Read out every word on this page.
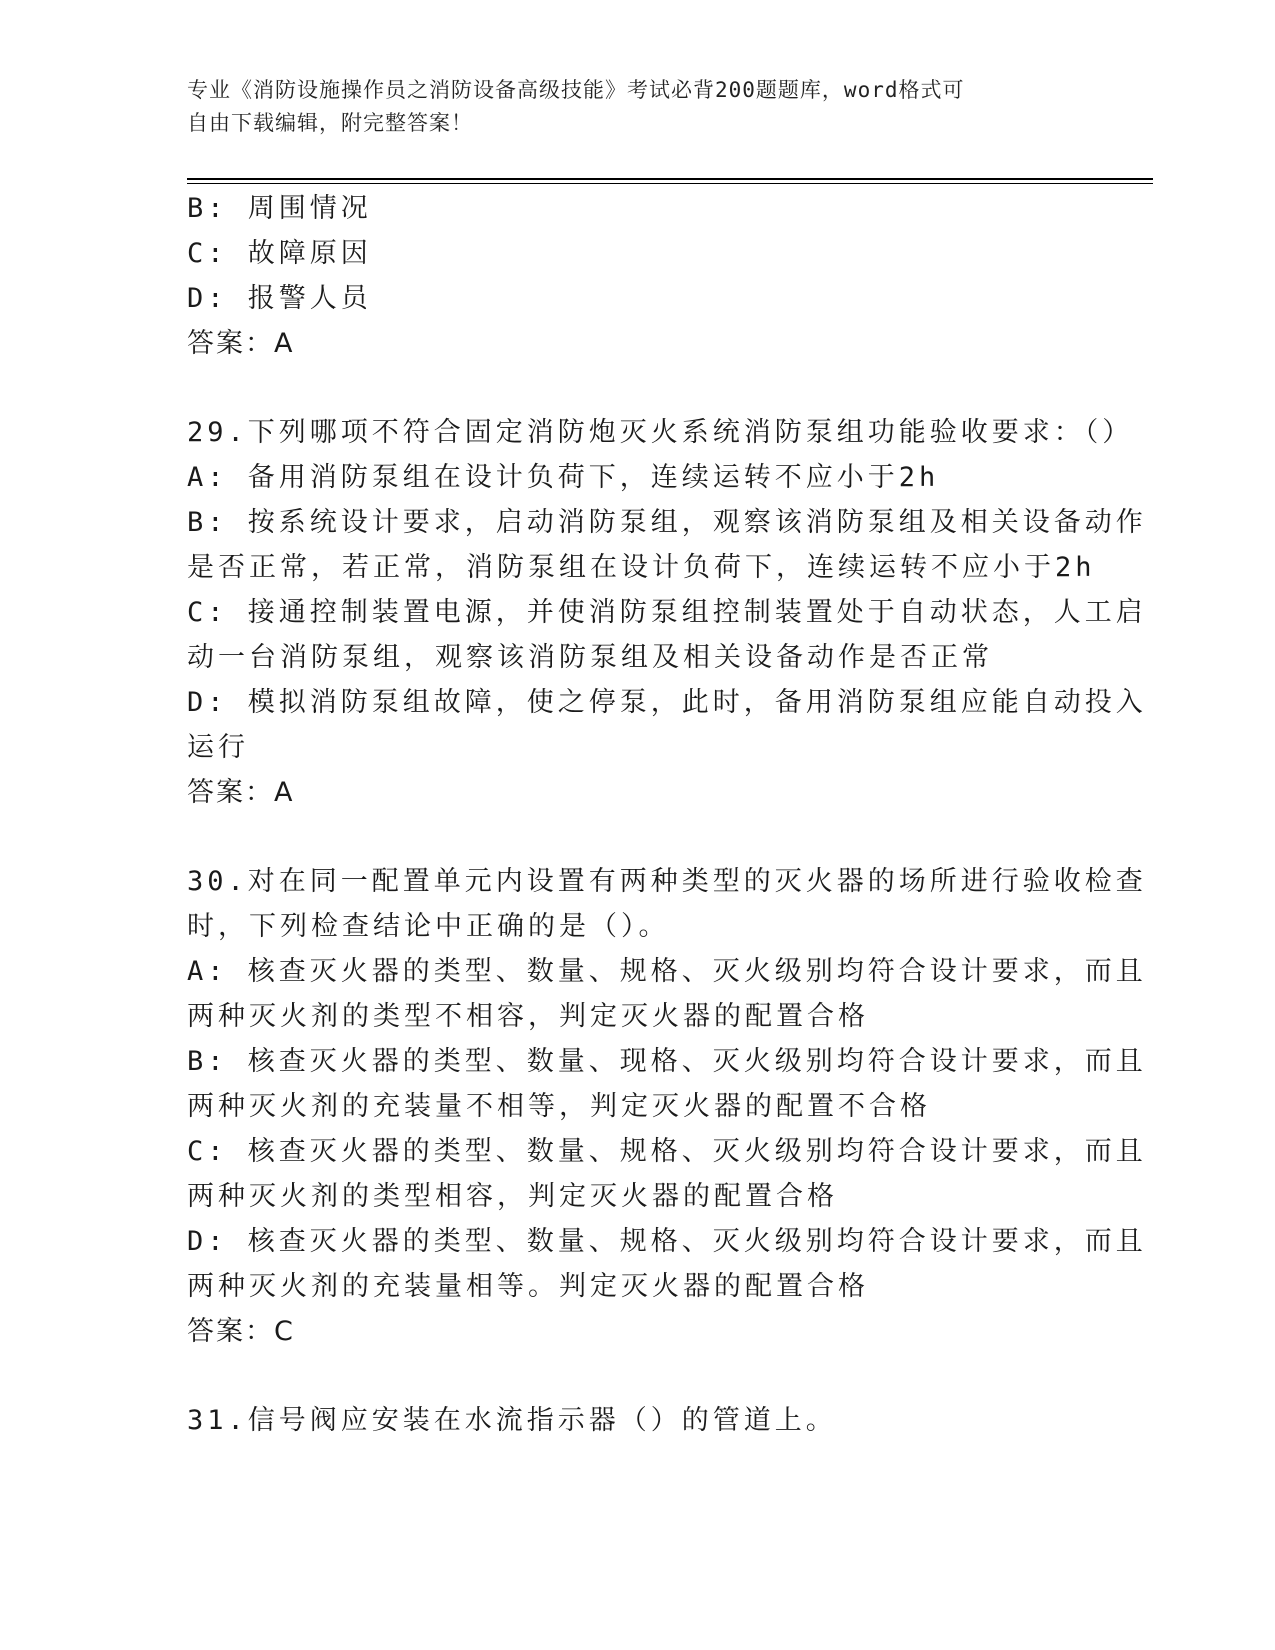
专业《消防设施操作员之消防设备高级技能》考试必背200题题库，word格式可
自由下载编辑，附完整答案！
B: 周围情况
C: 故障原因
D: 报警人员
答案：A
29.下列哪项不符合固定消防炮灭火系统消防泵组功能验收要求：（）
A: 备用消防泵组在设计负荷下，连续运转不应小于2h
B: 按系统设计要求，启动消防泵组，观察该消防泵组及相关设备动作
是否正常，若正常，消防泵组在设计负荷下，连续运转不应小于2h
C: 接通控制装置电源，并使消防泵组控制装置处于自动状态，人工启
动一台消防泵组，观察该消防泵组及相关设备动作是否正常
D: 模拟消防泵组故障，使之停泵，此时，备用消防泵组应能自动投入
运行
答案：A
30.对在同一配置单元内设置有两种类型的灭火器的场所进行验收检查
时，下列检查结论中正确的是（）。
A: 核查灭火器的类型、数量、规格、灭火级别均符合设计要求，而且
两种灭火剂的类型不相容，判定灭火器的配置合格
B: 核查灭火器的类型、数量、现格、灭火级别均符合设计要求，而且
两种灭火剂的充装量不相等，判定灭火器的配置不合格
C: 核查灭火器的类型、数量、规格、灭火级别均符合设计要求，而且
两种灭火剂的类型相容，判定灭火器的配置合格
D: 核查灭火器的类型、数量、规格、灭火级别均符合设计要求，而且
两种灭火剂的充装量相等。判定灭火器的配置合格
答案：C
31.信号阀应安装在水流指示器（）的管道上。
